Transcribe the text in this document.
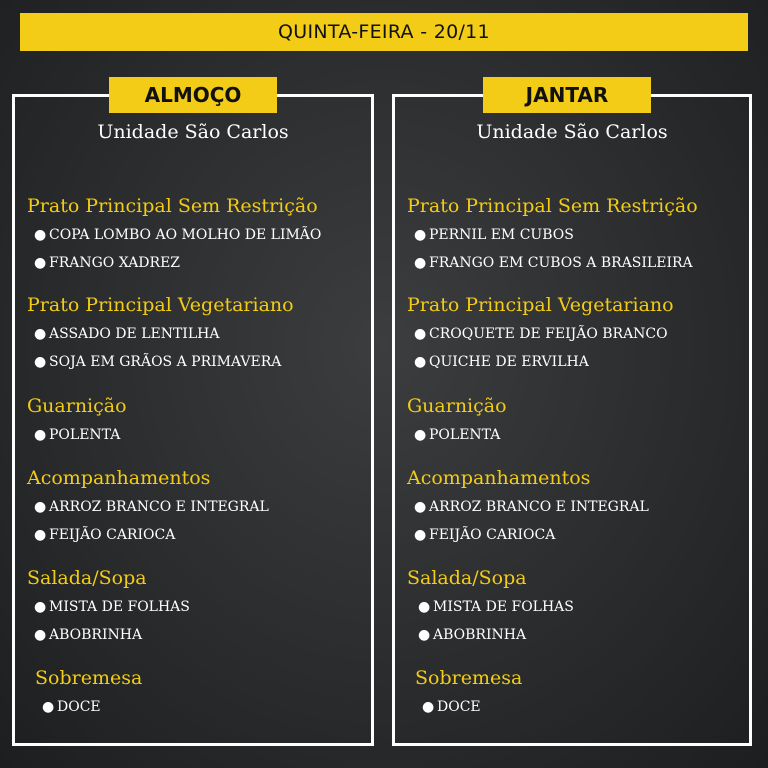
QUINTA-FEIRA - 20/11
ALMOÇO
Unidade São Carlos
Prato Principal Sem Restrição
● COPA LOMBO AO MOLHO DE LIMÃO
● FRANGO XADREZ
Prato Principal Vegetariano
● ASSADO DE LENTILHA
● SOJA EM GRÃOS A PRIMAVERA
Guarnição
● POLENTA
Acompanhamentos
● ARROZ BRANCO E INTEGRAL
● FEIJÃO CARIOCA
Salada/Sopa
● MISTA DE FOLHAS
● ABOBRINHA
Sobremesa
● DOCE
JANTAR
Unidade São Carlos
Prato Principal Sem Restrição
● PERNIL EM CUBOS
● FRANGO EM CUBOS A BRASILEIRA
Prato Principal Vegetariano
● CROQUETE DE FEIJÃO BRANCO
● QUICHE DE ERVILHA
Guarnição
● POLENTA
Acompanhamentos
● ARROZ BRANCO E INTEGRAL
● FEIJÃO CARIOCA
Salada/Sopa
● MISTA DE FOLHAS
● ABOBRINHA
Sobremesa
● DOCE
